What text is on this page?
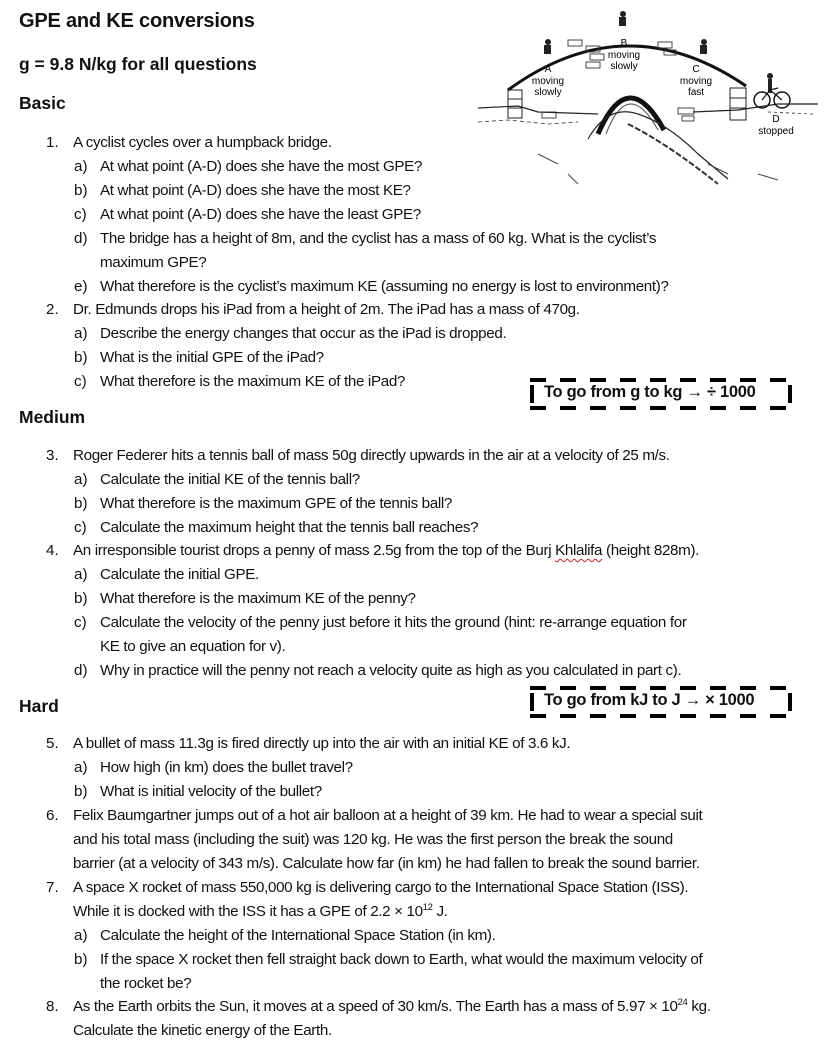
GPE and KE conversions
g = 9.8 N/kg for all questions
Basic
A
moving
slowly
B
moving
slowly	C
moving
fast
D
stopped
1. A cyclist cycles over a humpback bridge.
a) At what point (A-D) does she have the most GPE?
b) At what point (A-D) does she have the most KE?
c) At what point (A-D) does she have the least GPE?
d) The bridge has a height of 8m, and the cyclist has a mass of 60 kg. What is the cyclist’s
maximum GPE?
e) What therefore is the cyclist’s maximum KE (assuming no energy is lost to environment)?
2. Dr. Edmunds drops his iPad from a height of 2m. The iPad has a mass of 470g.
a) Describe the energy changes that occur as the iPad is dropped.
b) What is the initial GPE of the iPad?
c) What therefore is the maximum KE of the iPad?
Medium
To go from g to kg → ÷ 1000
3. Roger Federer hits a tennis ball of mass 50g directly upwards in the air at a velocity of 25 m/s.
a) Calculate the initial KE of the tennis ball?
b) What therefore is the maximum GPE of the tennis ball?
c) Calculate the maximum height that the tennis ball reaches?
4. An irresponsible tourist drops a penny of mass 2.5g from the top of the Burj Khlalifa (height 828m).
a) Calculate the initial GPE.
b) What therefore is the maximum KE of the penny?
c) Calculate the velocity of the penny just before it hits the ground (hint: re-arrange equation for
KE to give an equation for v).
d) Why in practice will the penny not reach a velocity quite as high as you calculated in part c).
Hard	To go from kJ to J → × 1000
5. A bullet of mass 11.3g is fired directly up into the air with an initial KE of 3.6 kJ.
a) How high (in km) does the bullet travel?
b) What is initial velocity of the bullet?
6. Felix Baumgartner jumps out of a hot air balloon at a height of 39 km. He had to wear a special suit
and his total mass (including the suit) was 120 kg. He was the first person the break the sound
barrier (at a velocity of 343 m/s). Calculate how far (in km) he had fallen to break the sound barrier.
7. A space X rocket of mass 550,000 kg is delivering cargo to the International Space Station (ISS).
While it is docked with the ISS it has a GPE of $2.2 \times 10^{12}$ J.
a) Calculate the height of the International Space Station (in km).
b) If the space X rocket then fell straight back down to Earth, what would the maximum velocity of
the rocket be?
8. As the Earth orbits the Sun, it moves at a speed of 30 km/s. The Earth has a mass of $5.97 \times 10^{24}$ kg.
Calculate the kinetic energy of the Earth.
